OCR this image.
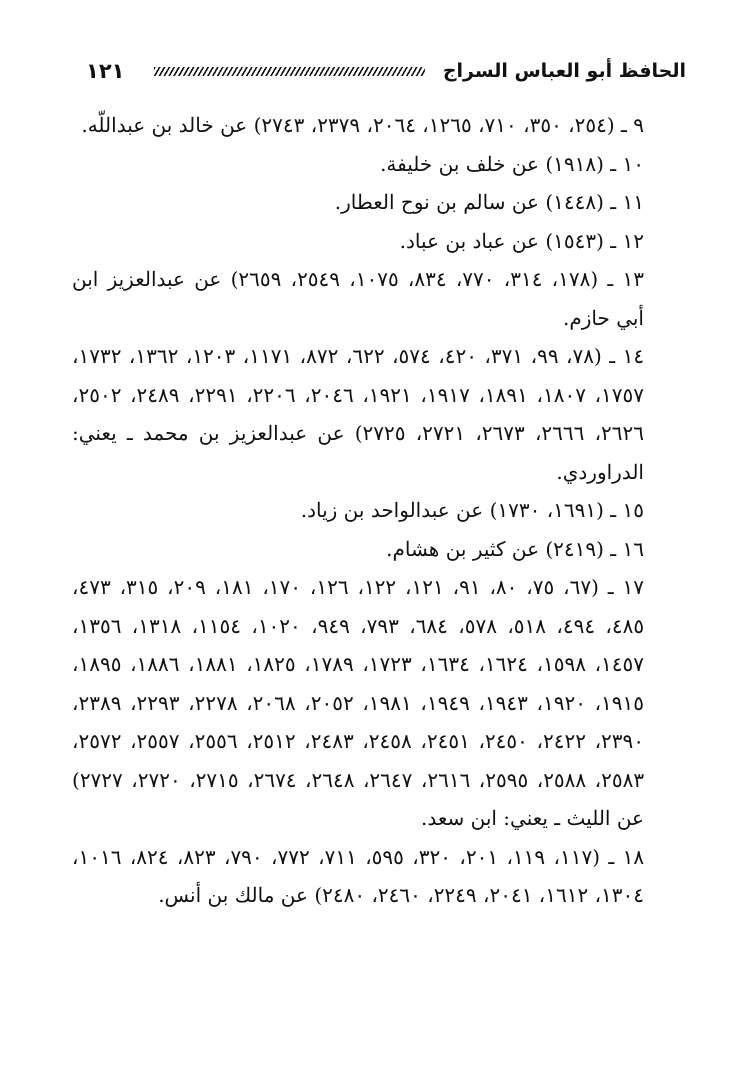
الحافظ أبو العباس السراج
١٢١

٩ ـ (٢٥٤، ٣٥٠، ٧١٠، ١٢٦٥، ٢٠٦٤، ٢٣٧٩، ٢٧٤٣) عن خالد بن عبداللّه.

١٠ ـ (١٩١٨) عن خلف بن خليفة.

١١ ـ (١٤٤٨) عن سالم بن نوح العطار.

١٢ ـ (١٥٤٣) عن عباد بن عباد.

١٣ ـ (١٧٨، ٣١٤، ٧٧٠، ٨٣٤، ١٠٧٥، ٢٥٤٩، ٢٦٥٩) عن عبدالعزيز ابن أبي حازم.

١٤ ـ (٧٨، ٩٩، ٣٧١، ٤٢٠، ٥٧٤، ٦٢٢، ٨٧٢، ١١٧١، ١٢٠٣، ١٣٦٢، ١٧٣٢، ١٧٥٧، ١٨٠٧، ١٨٩١، ١٩١٧، ١٩٢١، ٢٠٤٦، ٢٢٠٦، ٢٢٩١، ٢٤٨٩، ٢٥٠٢، ٢٦٢٦، ٢٦٦٦، ٢٦٧٣، ٢٧٢١، ٢٧٢٥) عن عبدالعزيز بن محمد ـ يعني: الدراوردي.

١٥ ـ (١٦٩١، ١٧٣٠) عن عبدالواحد بن زياد.

١٦ ـ (٢٤١٩) عن كثير بن هشام.

١٧ ـ (٦٧، ٧٥، ٨٠، ٩١، ١٢١، ١٢٢، ١٢٦، ١٧٠، ١٨١، ٢٠٩، ٣١٥، ٤٧٣، ٤٨٥، ٤٩٤، ٥١٨، ٥٧٨، ٦٨٤، ٧٩٣، ٩٤٩، ١٠٢٠، ١١٥٤، ١٣١٨، ١٣٥٦، ١٤٥٧، ١٥٩٨، ١٦٢٤، ١٦٣٤، ١٧٢٣، ١٧٨٩، ١٨٢٥، ١٨٨١، ١٨٨٦، ١٨٩٥، ١٩١٥، ١٩٢٠، ١٩٤٣، ١٩٤٩، ١٩٨١، ٢٠٥٢، ٢٠٦٨، ٢٢٧٨، ٢٢٩٣، ٢٣٨٩، ٢٣٩٠، ٢٤٢٢، ٢٤٥٠، ٢٤٥١، ٢٤٥٨، ٢٤٨٣، ٢٥١٢، ٢٥٥٦، ٢٥٥٧، ٢٥٧٢، ٢٥٨٣، ٢٥٨٨، ٢٥٩٥، ٢٦١٦، ٢٦٤٧، ٢٦٤٨، ٢٦٧٤، ٢٧١٥، ٢٧٢٠، ٢٧٢٧) عن الليث ـ يعني: ابن سعد.

١٨ ـ (١١٧، ١١٩، ٢٠١، ٣٢٠، ٥٩٥، ٧١١، ٧٧٢، ٧٩٠، ٨٢٣، ٨٢٤، ١٠١٦، ١٣٠٤، ١٦١٢، ٢٠٤١، ٢٢٤٩، ٢٤٦٠، ٢٤٨٠) عن مالك بن أنس.
